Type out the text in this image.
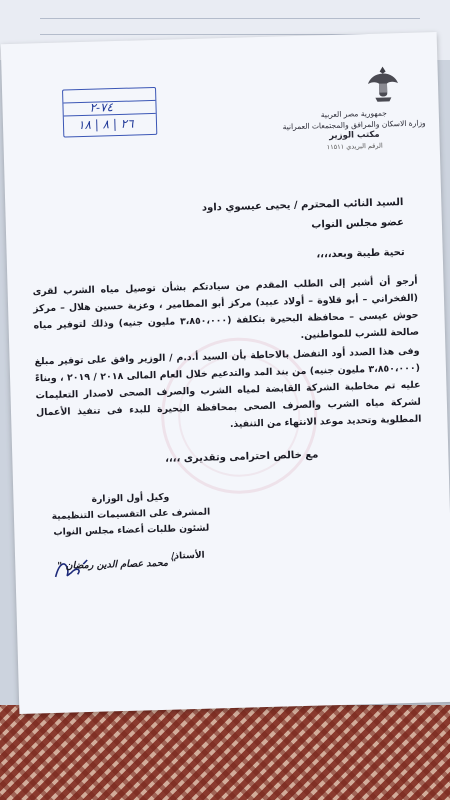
جمهورية مصر العربية
وزارة الاسكان والمرافق والمجتمعات العمرانية
مكتب الوزير
الرقم البريدي ١١٥١١
٧٤-٢
٢٦ | ٨ | ١٨
السيد النائب المحترم / يحيى عيسوي داود
عضو مجلس النواب
تحية طيبة وبعد،،،،
أرجو أن أشير إلى الطلب المقدم من سيادتكم بشأن توصيل مياه الشرب لقرى (الفخراني – أبو قلاوة – أولاد عبيد) مركز أبو المطامير ، وعزبة حسين هلال – مركز حوش عيسى – محافظة البحيرة بتكلفة (٣،٨٥٠،٠٠٠ مليون جنيه) وذلك لتوفير مياه صالحة للشرب للمواطنين.
وفى هذا الصدد أود التفضل بالاحاطة بأن السيد أ.د.م / الوزير وافق على توفير مبلغ (٣،٨٥٠،٠٠٠ مليون جنيه) من بند المد والتدعيم خلال العام المالى ٢٠١٨ / ٢٠١٩ ، وبناءً عليه تم مخاطبة الشركة القابضة لمياه الشرب والصرف الصحى لاصدار التعليمات لشركة مياه الشرب والصرف الصحى بمحافظة البحيرة للبدء فى تنفيذ الأعمال المطلوبة وتحديد موعد الانتهاء من التنفيذ.
مع خالص احترامى وتقديرى ،،،،
وكيل أول الوزارة
المشرف على التقسيمات التنظيمية
لشئون طلبات أعضاء مجلس النواب
الأستاذ/
" محمد عصام الدين رمضان "
